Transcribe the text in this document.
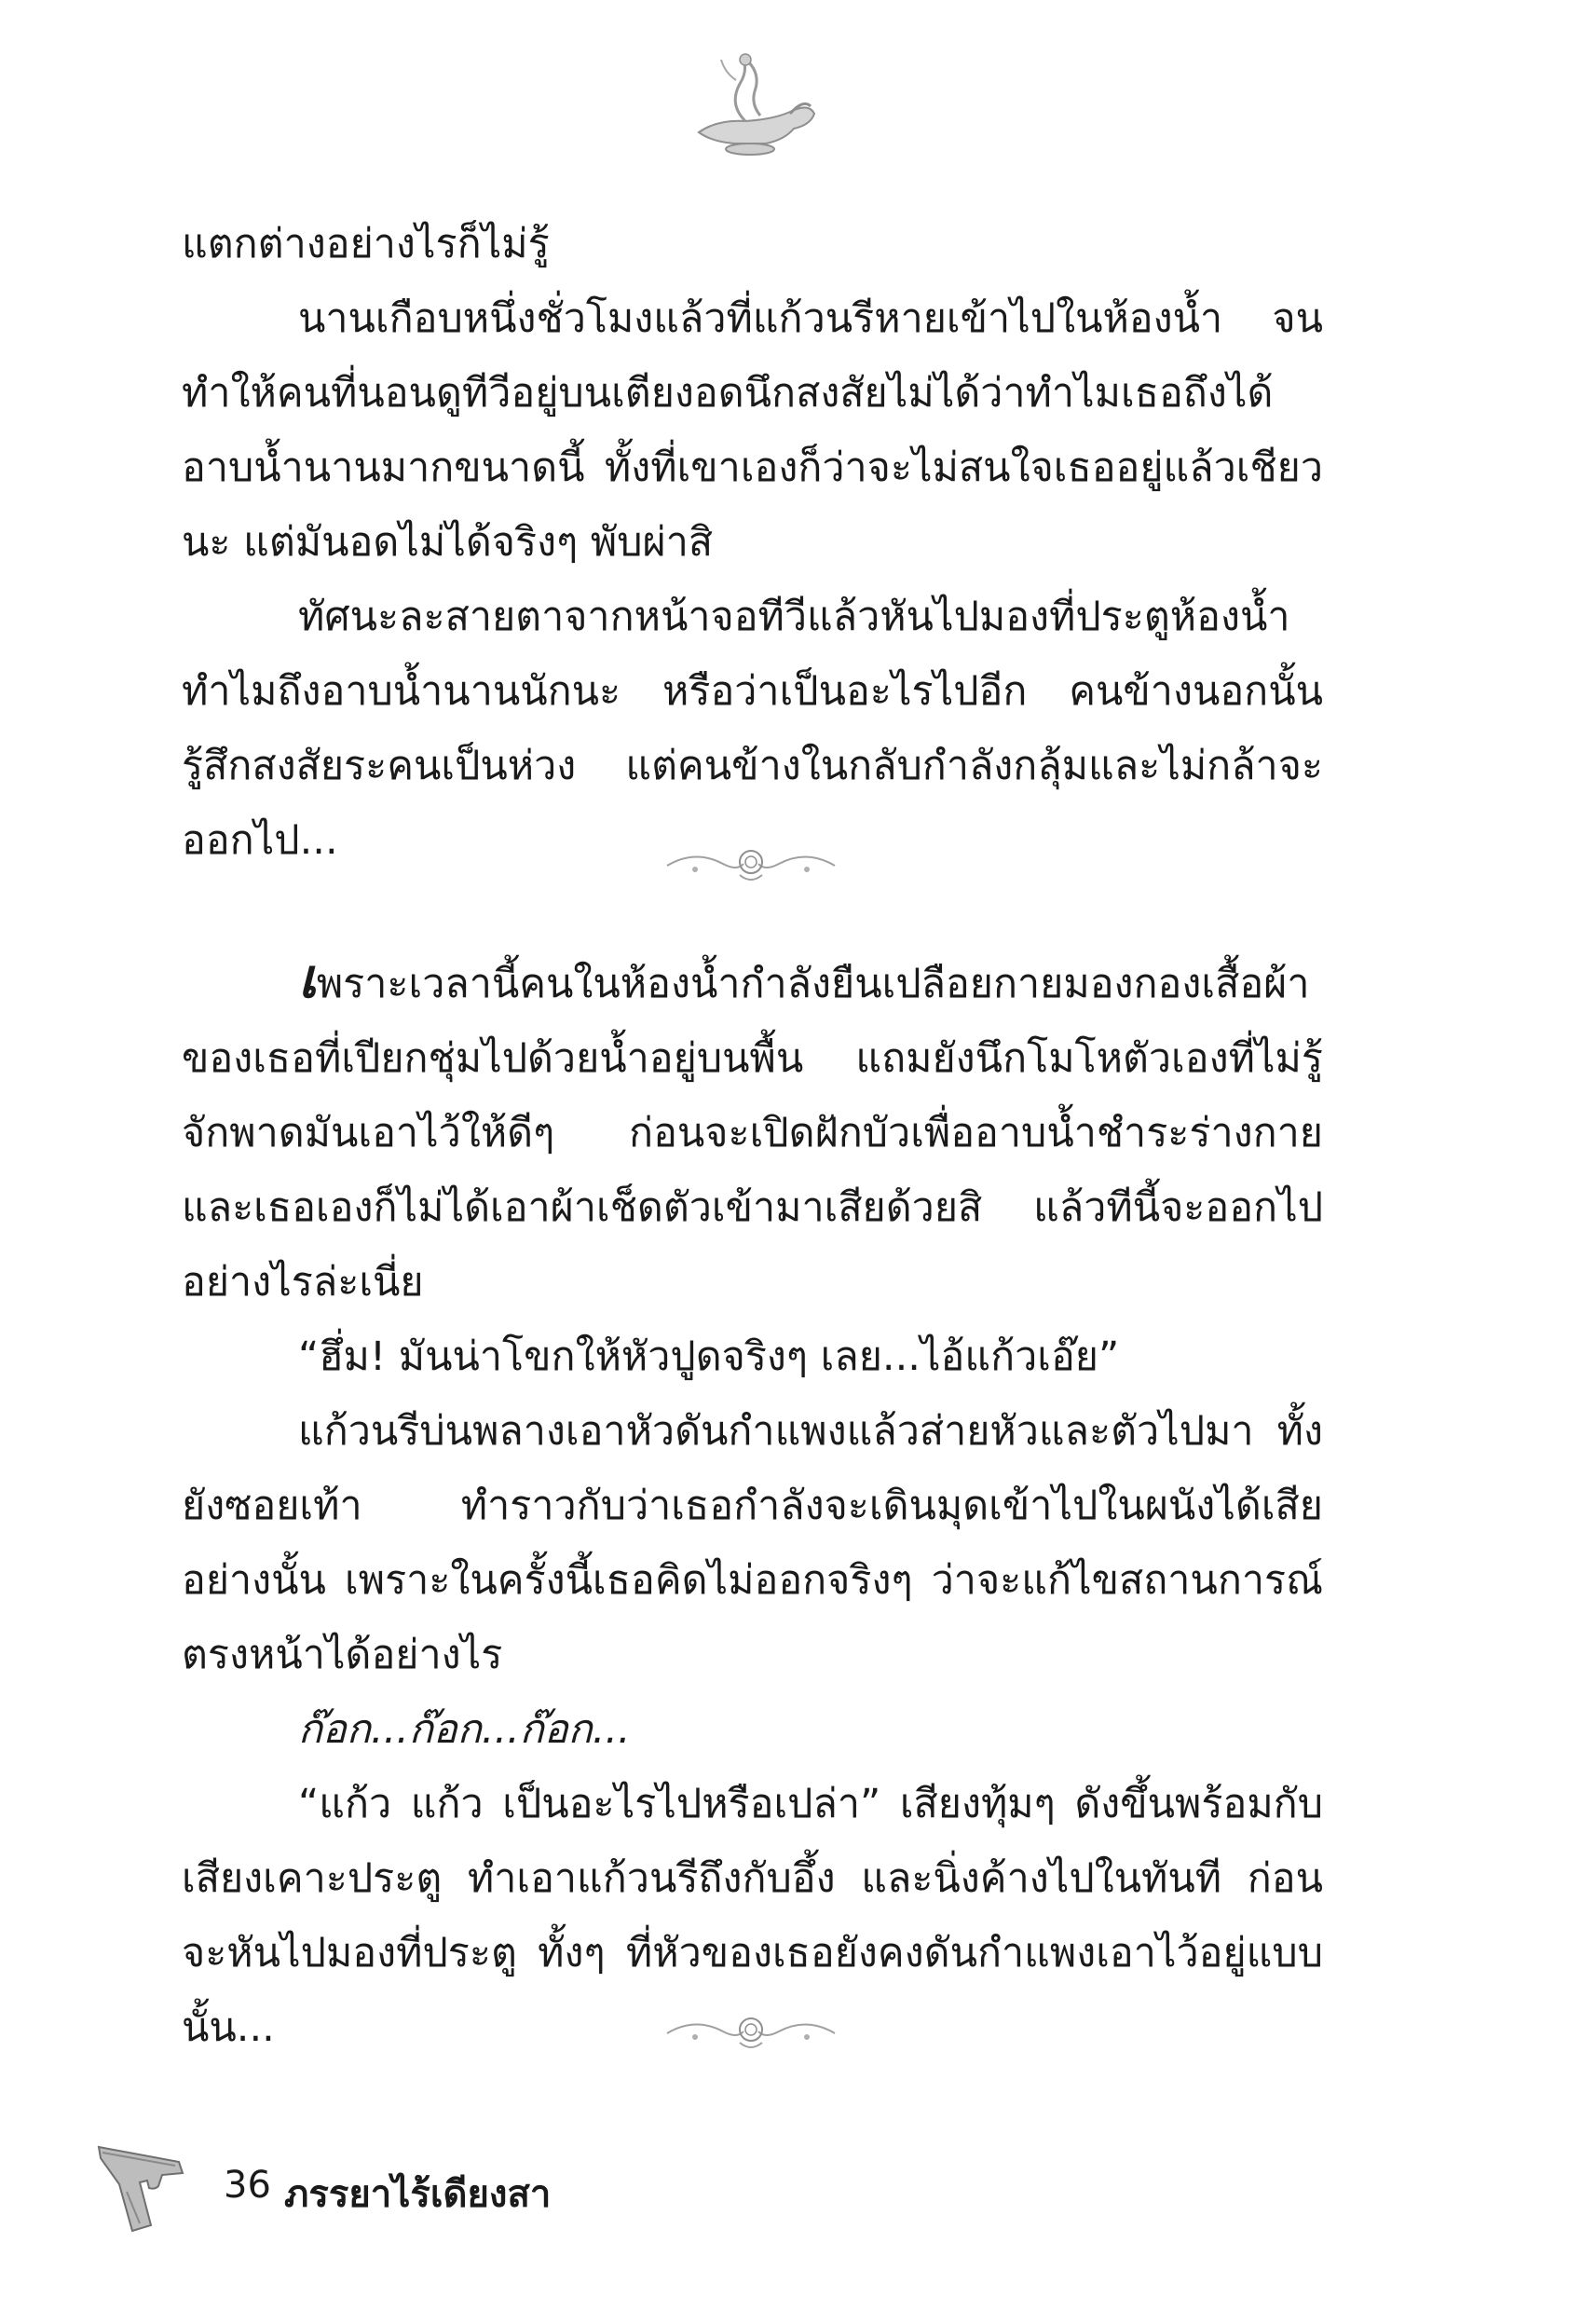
แตกต่างอย่างไรก็ไม่รู้

นานเกือบหนึ่งชั่วโมงแล้วที่แก้วนรีหายเข้าไปในห้องน้ำ จนทำให้คนที่นอนดูทีวีอยู่บนเตียงอดนึกสงสัยไม่ได้ว่าทำไมเธอถึงได้อาบน้ำนานมากขนาดนี้ ทั้งที่เขาเองก็ว่าจะไม่สนใจเธออยู่แล้วเชียวนะ แต่มันอดไม่ได้จริงๆ พับผ่าสิ

ทัศนะละสายตาจากหน้าจอทีวีแล้วหันไปมองที่ประตูห้องน้ำ ทำไมถึงอาบน้ำนานนักนะ หรือว่าเป็นอะไรไปอีก คนข้างนอกนั้นรู้สึกสงสัยระคนเป็นห่วง แต่คนข้างในกลับกำลังกลุ้มและไม่กล้าจะออกไป...

เพราะเวลานี้คนในห้องน้ำกำลังยืนเปลือยกายมองกองเสื้อผ้าของเธอที่เปียกชุ่มไปด้วยน้ำอยู่บนพื้น แถมยังนึกโมโหตัวเองที่ไม่รู้จักพาดมันเอาไว้ให้ดีๆ ก่อนจะเปิดฝักบัวเพื่ออาบน้ำชำระร่างกาย และเธอเองก็ไม่ได้เอาผ้าเช็ดตัวเข้ามาเสียด้วยสิ แล้วทีนี้จะออกไปอย่างไรล่ะเนี่ย

“ฮึ่ม! มันน่าโขกให้หัวปูดจริงๆ เลย...ไอ้แก้วเอ๊ย”

แก้วนรีบ่นพลางเอาหัวดันกำแพงแล้วส่ายหัวและตัวไปมา ทั้งยังซอยเท้า ทำราวกับว่าเธอกำลังจะเดินมุดเข้าไปในผนังได้เสียอย่างนั้น เพราะในครั้งนี้เธอคิดไม่ออกจริงๆ ว่าจะแก้ไขสถานการณ์ตรงหน้าได้อย่างไร

ก๊อก...ก๊อก...ก๊อก...

“แก้ว แก้ว เป็นอะไรไปหรือเปล่า” เสียงทุ้มๆ ดังขึ้นพร้อมกับเสียงเคาะประตู ทำเอาแก้วนรีถึงกับอึ้ง และนิ่งค้างไปในทันที ก่อนจะหันไปมองที่ประตู ทั้งๆ ที่หัวของเธอยังคงดันกำแพงเอาไว้อยู่แบบนั้น...

36 ภรรยาไร้เดียงสา
